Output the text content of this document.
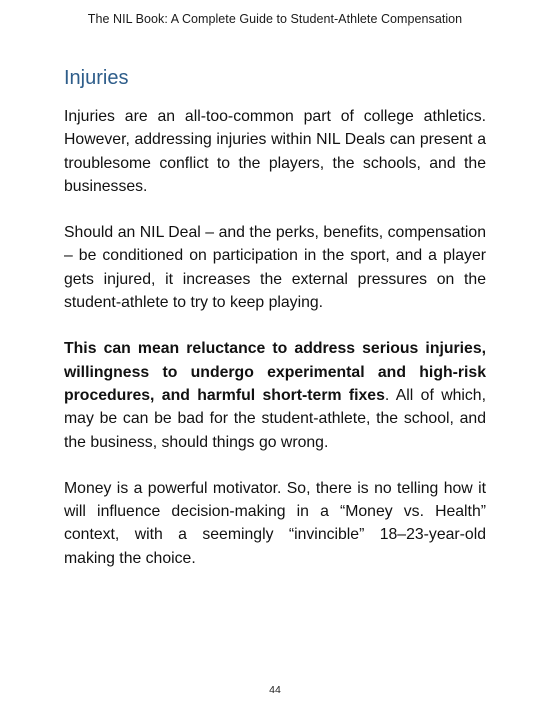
The NIL Book: A Complete Guide to Student-Athlete Compensation
Injuries

Injuries are an all-too-common part of college athletics. However, addressing injuries within NIL Deals can present a troublesome conflict to the players, the schools, and the businesses.

Should an NIL Deal – and the perks, benefits, compensation – be conditioned on participation in the sport, and a player gets injured, it increases the external pressures on the student-athlete to try to keep playing.

This can mean reluctance to address serious injuries, willingness to undergo experimental and high-risk procedures, and harmful short-term fixes. All of which, may be can be bad for the student-athlete, the school, and the business, should things go wrong.

Money is a powerful motivator. So, there is no telling how it will influence decision-making in a “Money vs. Health” context, with a seemingly “invincible” 18–23-year-old making the choice.

44
